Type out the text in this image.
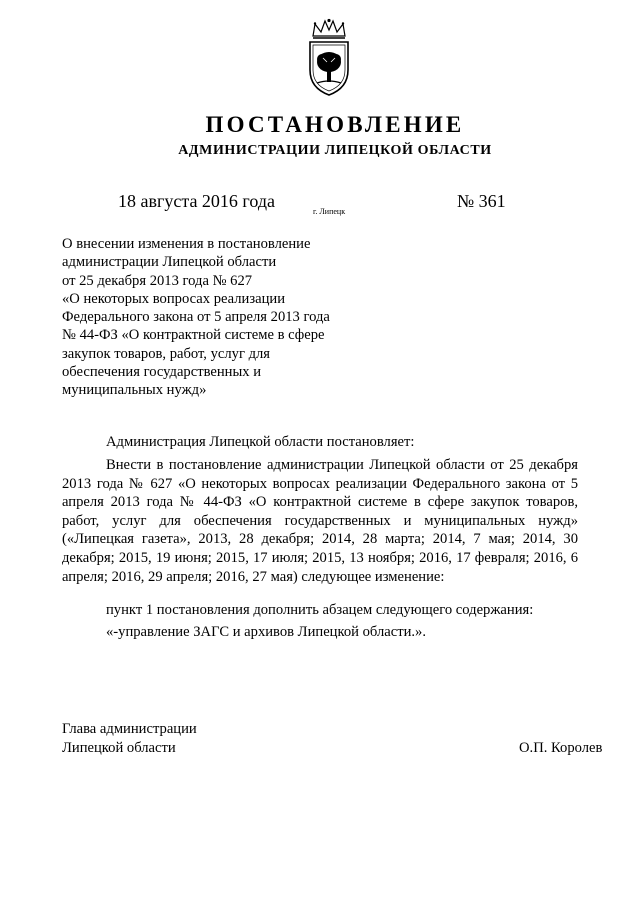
ПОСТАНОВЛЕНИЕ
АДМИНИСТРАЦИИ ЛИПЕЦКОЙ ОБЛАСТИ
18 августа 2016 года
г. Липецк
№ 361
О внесении изменения в постановление
администрации Липецкой области
от 25 декабря 2013 года № 627
«О некоторых вопросах реализации
Федерального закона от 5 апреля 2013 года
№ 44-ФЗ «О контрактной системе в сфере
закупок товаров, работ, услуг для
обеспечения государственных и
муниципальных нужд»
Администрация Липецкой области постановляет:
Внести в постановление администрации Липецкой области от 25 декабря 2013 года № 627 «О некоторых вопросах реализации Федерального закона от 5 апреля 2013 года № 44-ФЗ «О контрактной системе в сфере закупок товаров, работ, услуг для обеспечения государственных и муниципальных нужд» («Липецкая газета», 2013, 28 декабря; 2014, 28 марта; 2014, 7 мая; 2014, 30 декабря; 2015, 19 июня; 2015, 17 июля; 2015, 13 ноября; 2016, 17 февраля; 2016, 6 апреля; 2016, 29 апреля; 2016, 27 мая) следующее изменение:
пункт 1 постановления дополнить абзацем следующего содержания:
«-управление ЗАГС и архивов Липецкой области.».
Глава администрации
Липецкой области	О.П. Королев
